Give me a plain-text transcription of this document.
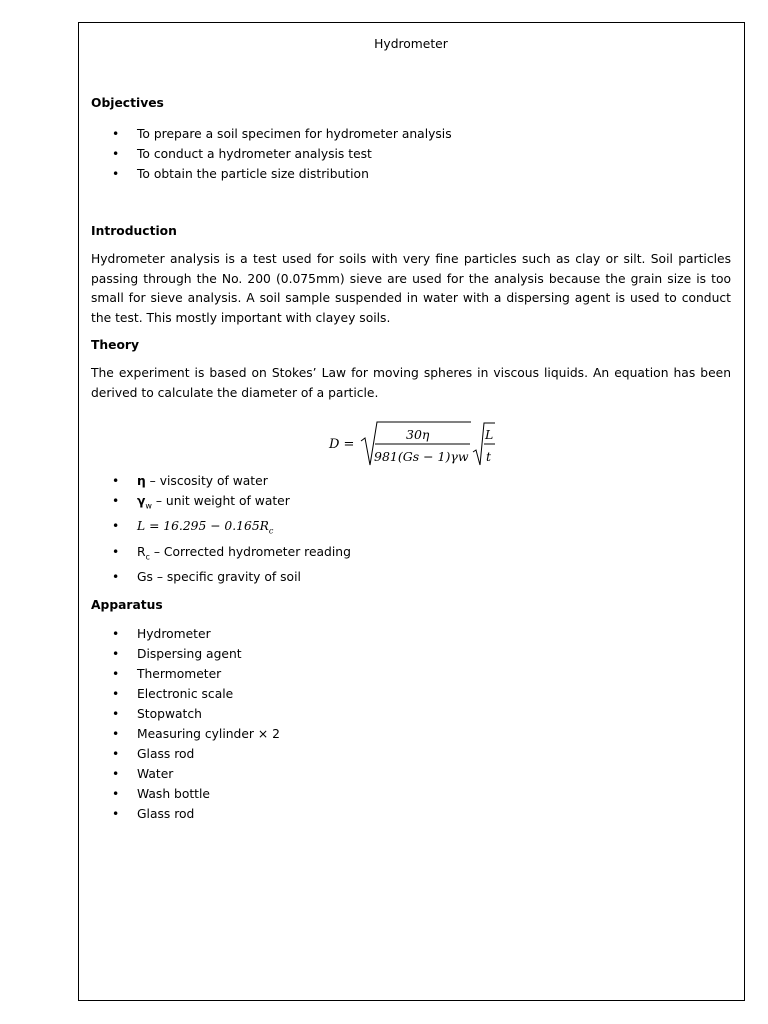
Hydrometer
Objectives
• To prepare a soil specimen for hydrometer analysis
• To conduct a hydrometer analysis test
• To obtain the particle size distribution
Introduction

Hydrometer analysis is a test used for soils with very fine particles such as clay or silt. Soil particles passing through the No. 200 (0.075mm) sieve are used for the analysis because the grain size is too small for sieve analysis. A soil sample suspended in water with a dispersing agent is used to conduct the test. This mostly important with clayey soils.

Theory

The experiment is based on Stokes’ Law for moving spheres in viscous liquids. An equation has been derived to calculate the diameter of a particle.

D =
30η
981(Gs − 1)γw
L
t
• η – viscosity of water
• $\gamma_w$ – unit weight of water
• $L = 16.295 - 0.165R_c$
• $R_c$ – Corrected hydrometer reading
• Gs – specific gravity of soil
Apparatus
• Hydrometer
• Dispersing agent
• Thermometer
• Electronic scale
• Stopwatch
• Measuring cylinder × 2
• Glass rod
• Water
• Wash bottle
• Glass rod
